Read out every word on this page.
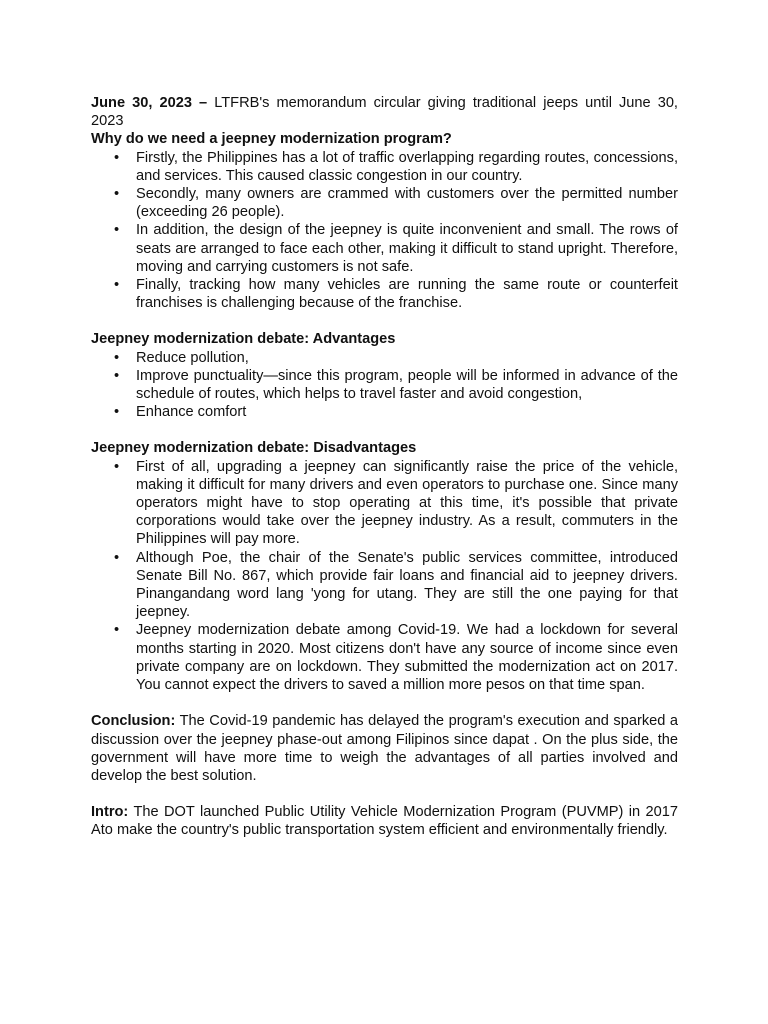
June 30, 2023 – LTFRB's memorandum circular giving traditional jeeps until June 30, 2023

Why do we need a jeepney modernization program?
• Firstly, the Philippines has a lot of traffic overlapping regarding routes, concessions, and services. This caused classic congestion in our country.
• Secondly, many owners are crammed with customers over the permitted number (exceeding 26 people).
• In addition, the design of the jeepney is quite inconvenient and small. The rows of seats are arranged to face each other, making it difficult to stand upright. Therefore, moving and carrying customers is not safe.
• Finally, tracking how many vehicles are running the same route or counterfeit franchises is challenging because of the franchise.
Jeepney modernization debate: Advantages
• Reduce pollution,
• Improve punctuality—since this program, people will be informed in advance of the schedule of routes, which helps to travel faster and avoid congestion,
• Enhance comfort
Jeepney modernization debate: Disadvantages
• First of all, upgrading a jeepney can significantly raise the price of the vehicle, making it difficult for many drivers and even operators to purchase one. Since many operators might have to stop operating at this time, it's possible that private corporations would take over the jeepney industry. As a result, commuters in the Philippines will pay more.
• Although Poe, the chair of the Senate's public services committee, introduced Senate Bill No. 867, which provide fair loans and financial aid to jeepney drivers. Pinangandang word lang 'yong for utang. They are still the one paying for that jeepney.
• Jeepney modernization debate among Covid-19. We had a lockdown for several months starting in 2020. Most citizens don't have any source of income since even private company are on lockdown. They submitted the modernization act on 2017. You cannot expect the drivers to saved a million more pesos on that time span.

Conclusion: The Covid-19 pandemic has delayed the program's execution and sparked a discussion over the jeepney phase-out among Filipinos since dapat . On the plus side, the government will have more time to weigh the advantages of all parties involved and develop the best solution.

Intro: The DOT launched Public Utility Vehicle Modernization Program (PUVMP) in 2017 Ato make the country's public transportation system efficient and environmentally friendly.
